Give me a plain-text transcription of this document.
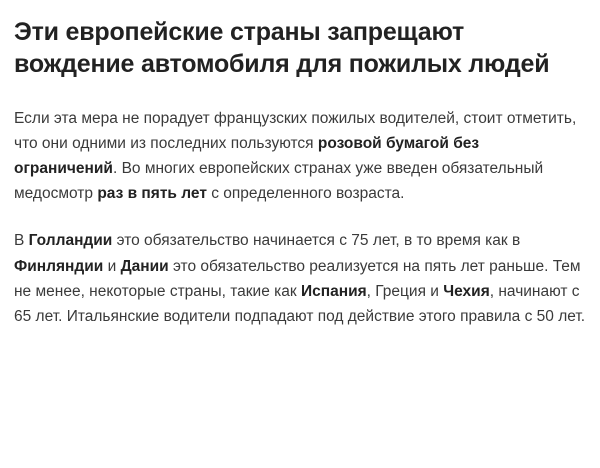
Эти европейские страны запрещают вождение автомобиля для пожилых людей

Если эта мера не порадует французских пожилых водителей, стоит отметить, что они одними из последних пользуются розовой бумагой без ограничений. Во многих европейских странах уже введен обязательный медосмотр раз в пять лет с определенного возраста.

В Голландии это обязательство начинается с 75 лет, в то время как в Финляндии и Дании это обязательство реализуется на пять лет раньше. Тем не менее, некоторые страны, такие как Испания, Греция и Чехия, начинают с 65 лет. Итальянские водители подпадают под действие этого правила с 50 лет.
